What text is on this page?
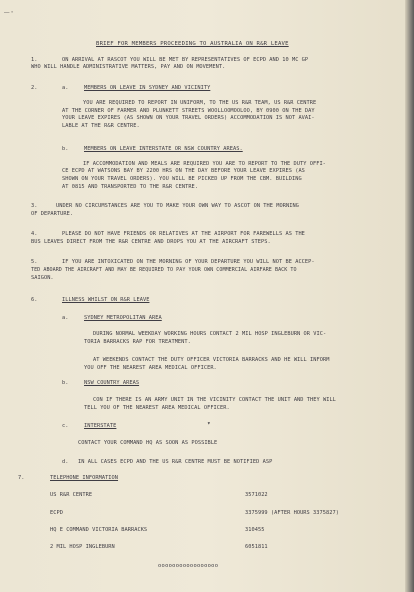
–·
BRIEF FOR MEMBERS PROCEEDING TO AUSTRALIA ON R&R LEAVE
1.	ON ARRIVAL AT RASCOT YOU WILL BE MET BY REPRESENTATIVES OF ECPD AND 10 MC GP
WHO WILL HANDLE ADMINISTRATIVE MATTERS, PAY AND ON MOVEMENT.
2.	a.	MEMBERS ON LEAVE IN SYDNEY AND VICINITY
YOU ARE REQUIRED TO REPORT IN UNIFORM, TO THE US R&R TEAM, US R&R CENTRE
AT THE CORNER OF FARMER AND PLUNKETT STREETS WOOLLOOMOOLOO, BY 0900 ON THE DAY
YOUR LEAVE EXPIRES (AS SHOWN ON YOUR TRAVEL ORDERS) ACCOMMODATION IS NOT AVAI-
LABLE AT THE R&R CENTRE.
b.	MEMBERS ON LEAVE INTERSTATE OR NSW COUNTRY AREAS.
IF ACCOMMODATION AND MEALS ARE REQUIRED YOU ARE TO REPORT TO THE DUTY OFFI-
CE ECPD AT WATSONS BAY BY 2200 HRS ON THE DAY BEFORE YOUR LEAVE EXPIRES (AS
SHOWN ON YOUR TRAVEL ORDERS). YOU WILL BE PICKED UP FROM THE CBM. BUILDING
AT 0815 AND TRANSPORTED TO THE R&R CENTRE.
3.	UNDER NO CIRCUMSTANCES ARE YOU TO MAKE YOUR OWN WAY TO ASCOT ON THE MORNING
OF DEPARTURE.
4.	PLEASE DO NOT HAVE FRIENDS OR RELATIVES AT THE AIRPORT FOR FAREWELLS AS THE
BUS LEAVES DIRECT FROM THE R&R CENTRE AND DROPS YOU AT THE AIRCRAFT STEPS.
5.	IF YOU ARE INTOXICATED ON THE MORNING OF YOUR DEPARTURE YOU WILL NOT BE ACCEP-
TED ABOARD THE AIRCRAFT AND MAY BE REQUIRED TO PAY YOUR OWN COMMERCIAL AIRFARE BACK TO
SAIGON.
6.	ILLNESS WHILST ON R&R LEAVE
a.	SYDNEY METROPOLITAN AREA
DURING NORMAL WEEKDAY WORKING HOURS CONTACT 2 MIL HOSP INGLEBURN OR VIC-
TORIA BARRACKS RAP FOR TREATMENT.
AT WEEKENDS CONTACT THE DUTY OFFICER VICTORIA BARRACKS AND HE WILL INFORM
YOU OFF THE NEAREST AREA MEDICAL OFFICER.
b.	NSW COUNTRY AREAS
CON IF THERE IS AN ARMY UNIT IN THE VICINITY CONTACT THE UNIT AND THEY WILL
TELL YOU OF THE NEAREST AREA MEDICAL OFFICER.
▾
c.	INTERSTATE
CONTACT YOUR COMMAND HQ AS SOON AS POSSIBLE
d. IN ALL CASES ECPD AND THE US R&R CENTRE MUST BE NOTIFIED ASP
7.	TELEPHONE INFORMATION
US R&R CENTRE	3571022
ECPD	3375999 (AFTER HOURS 3375827)
HQ E COMMAND VICTORIA BARRACKS	310455
2 MIL HOSP INGLEBURN	6051811
ooooooooooooooooo
